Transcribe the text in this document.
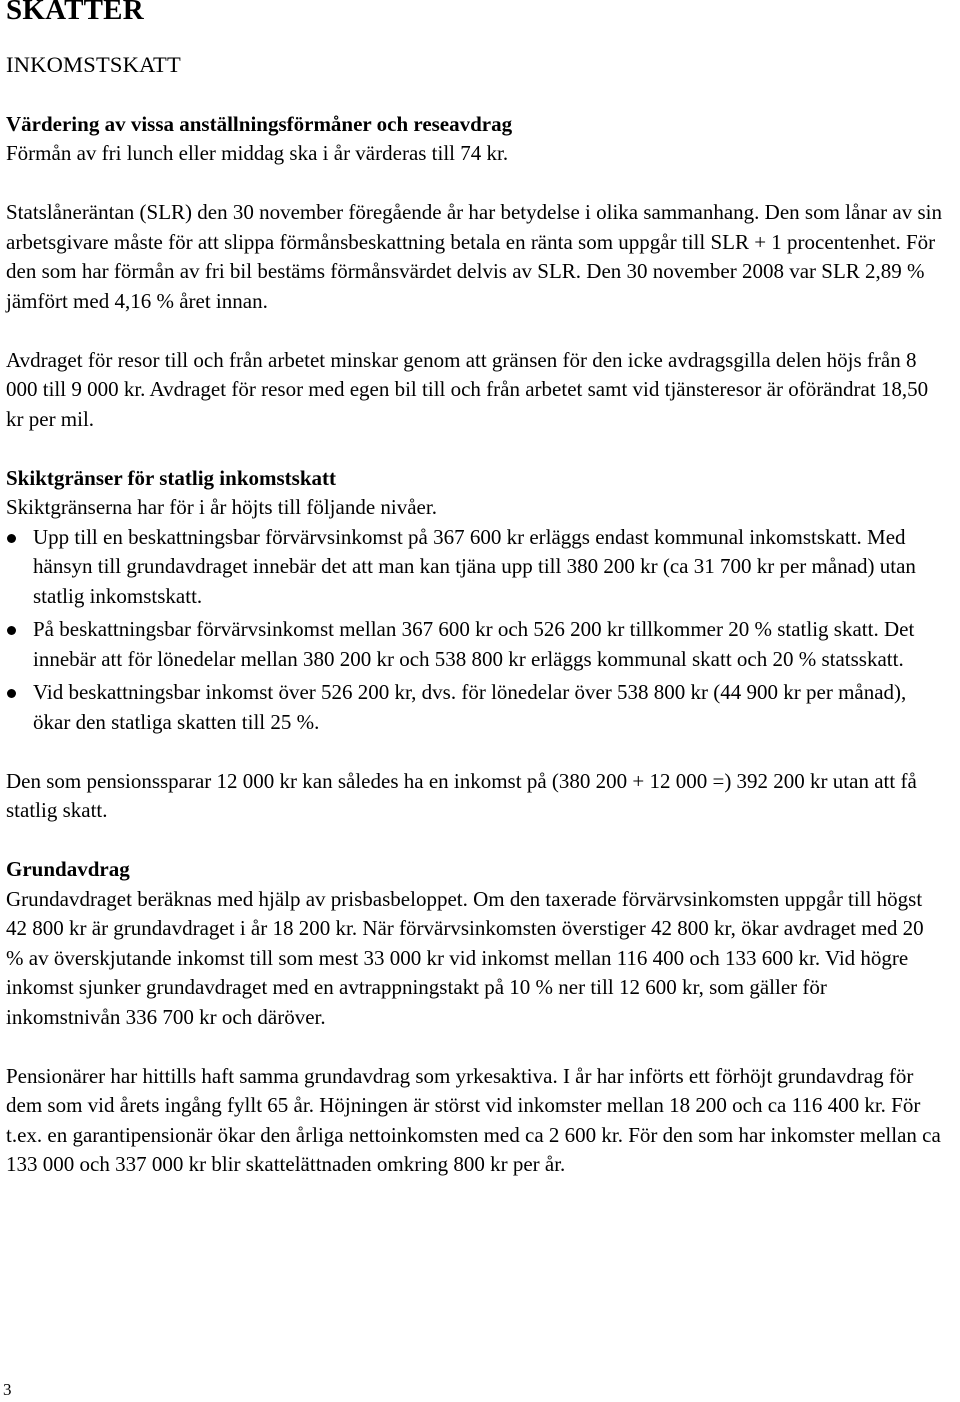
SKATTER
INKOMSTSKATT
Värdering av vissa anställningsförmåner och reseavdrag

Förmån av fri lunch eller middag ska i år värderas till 74 kr.

Statslåneräntan (SLR) den 30 november föregående år har betydelse i olika sammanhang. Den som lånar av sin arbetsgivare måste för att slippa förmånsbeskattning betala en ränta som uppgår till SLR + 1 procentenhet. För den som har förmån av fri bil bestäms förmånsvärdet delvis av SLR. Den 30 november 2008 var SLR 2,89 % jämfört med 4,16 % året innan.

Avdraget för resor till och från arbetet minskar genom att gränsen för den icke avdragsgilla delen höjs från 8 000 till 9 000 kr. Avdraget för resor med egen bil till och från arbetet samt vid tjänsteresor är oförändrat 18,50 kr per mil.

Skiktgränser för statlig inkomstskatt

Skiktgränserna har för i år höjts till följande nivåer.

Upp till en beskattningsbar förvärvsinkomst på 367 600 kr erläggs endast kommunal inkomstskatt. Med hänsyn till grundavdraget innebär det att man kan tjäna upp till 380 200 kr (ca 31 700 kr per månad) utan statlig inkomstskatt.
På beskattningsbar förvärvsinkomst mellan 367 600 kr och 526 200 kr tillkommer 20 % statlig skatt. Det innebär att för lönedelar mellan 380 200 kr och 538 800 kr erläggs kommunal skatt och 20 % statsskatt.
Vid beskattningsbar inkomst över 526 200 kr, dvs. för lönedelar över 538 800 kr (44 900 kr per månad), ökar den statliga skatten till 25 %.

Den som pensionssparar 12 000 kr kan således ha en inkomst på (380 200 + 12 000 =) 392 200 kr utan att få statlig skatt.

Grundavdrag

Grundavdraget beräknas med hjälp av prisbasbeloppet. Om den taxerade förvärvsinkomsten uppgår till högst 42 800 kr är grundavdraget i år 18 200 kr. När förvärvsinkomsten överstiger 42 800 kr, ökar avdraget med 20 % av överskjutande inkomst till som mest 33 000 kr vid inkomst mellan 116 400 och 133 600 kr. Vid högre inkomst sjunker grundavdraget med en avtrappningstakt på 10 % ner till 12 600 kr, som gäller för inkomstnivån 336 700 kr och däröver.

Pensionärer har hittills haft samma grundavdrag som yrkesaktiva. I år har införts ett förhöjt grundavdrag för dem som vid årets ingång fyllt 65 år. Höjningen är störst vid inkomster mellan 18 200 och ca 116 400 kr. För t.ex. en garantipensionär ökar den årliga nettoinkomsten med ca 2 600 kr. För den som har inkomster mellan ca 133 000 och 337 000 kr blir skattelättnaden omkring 800 kr per år.

3
